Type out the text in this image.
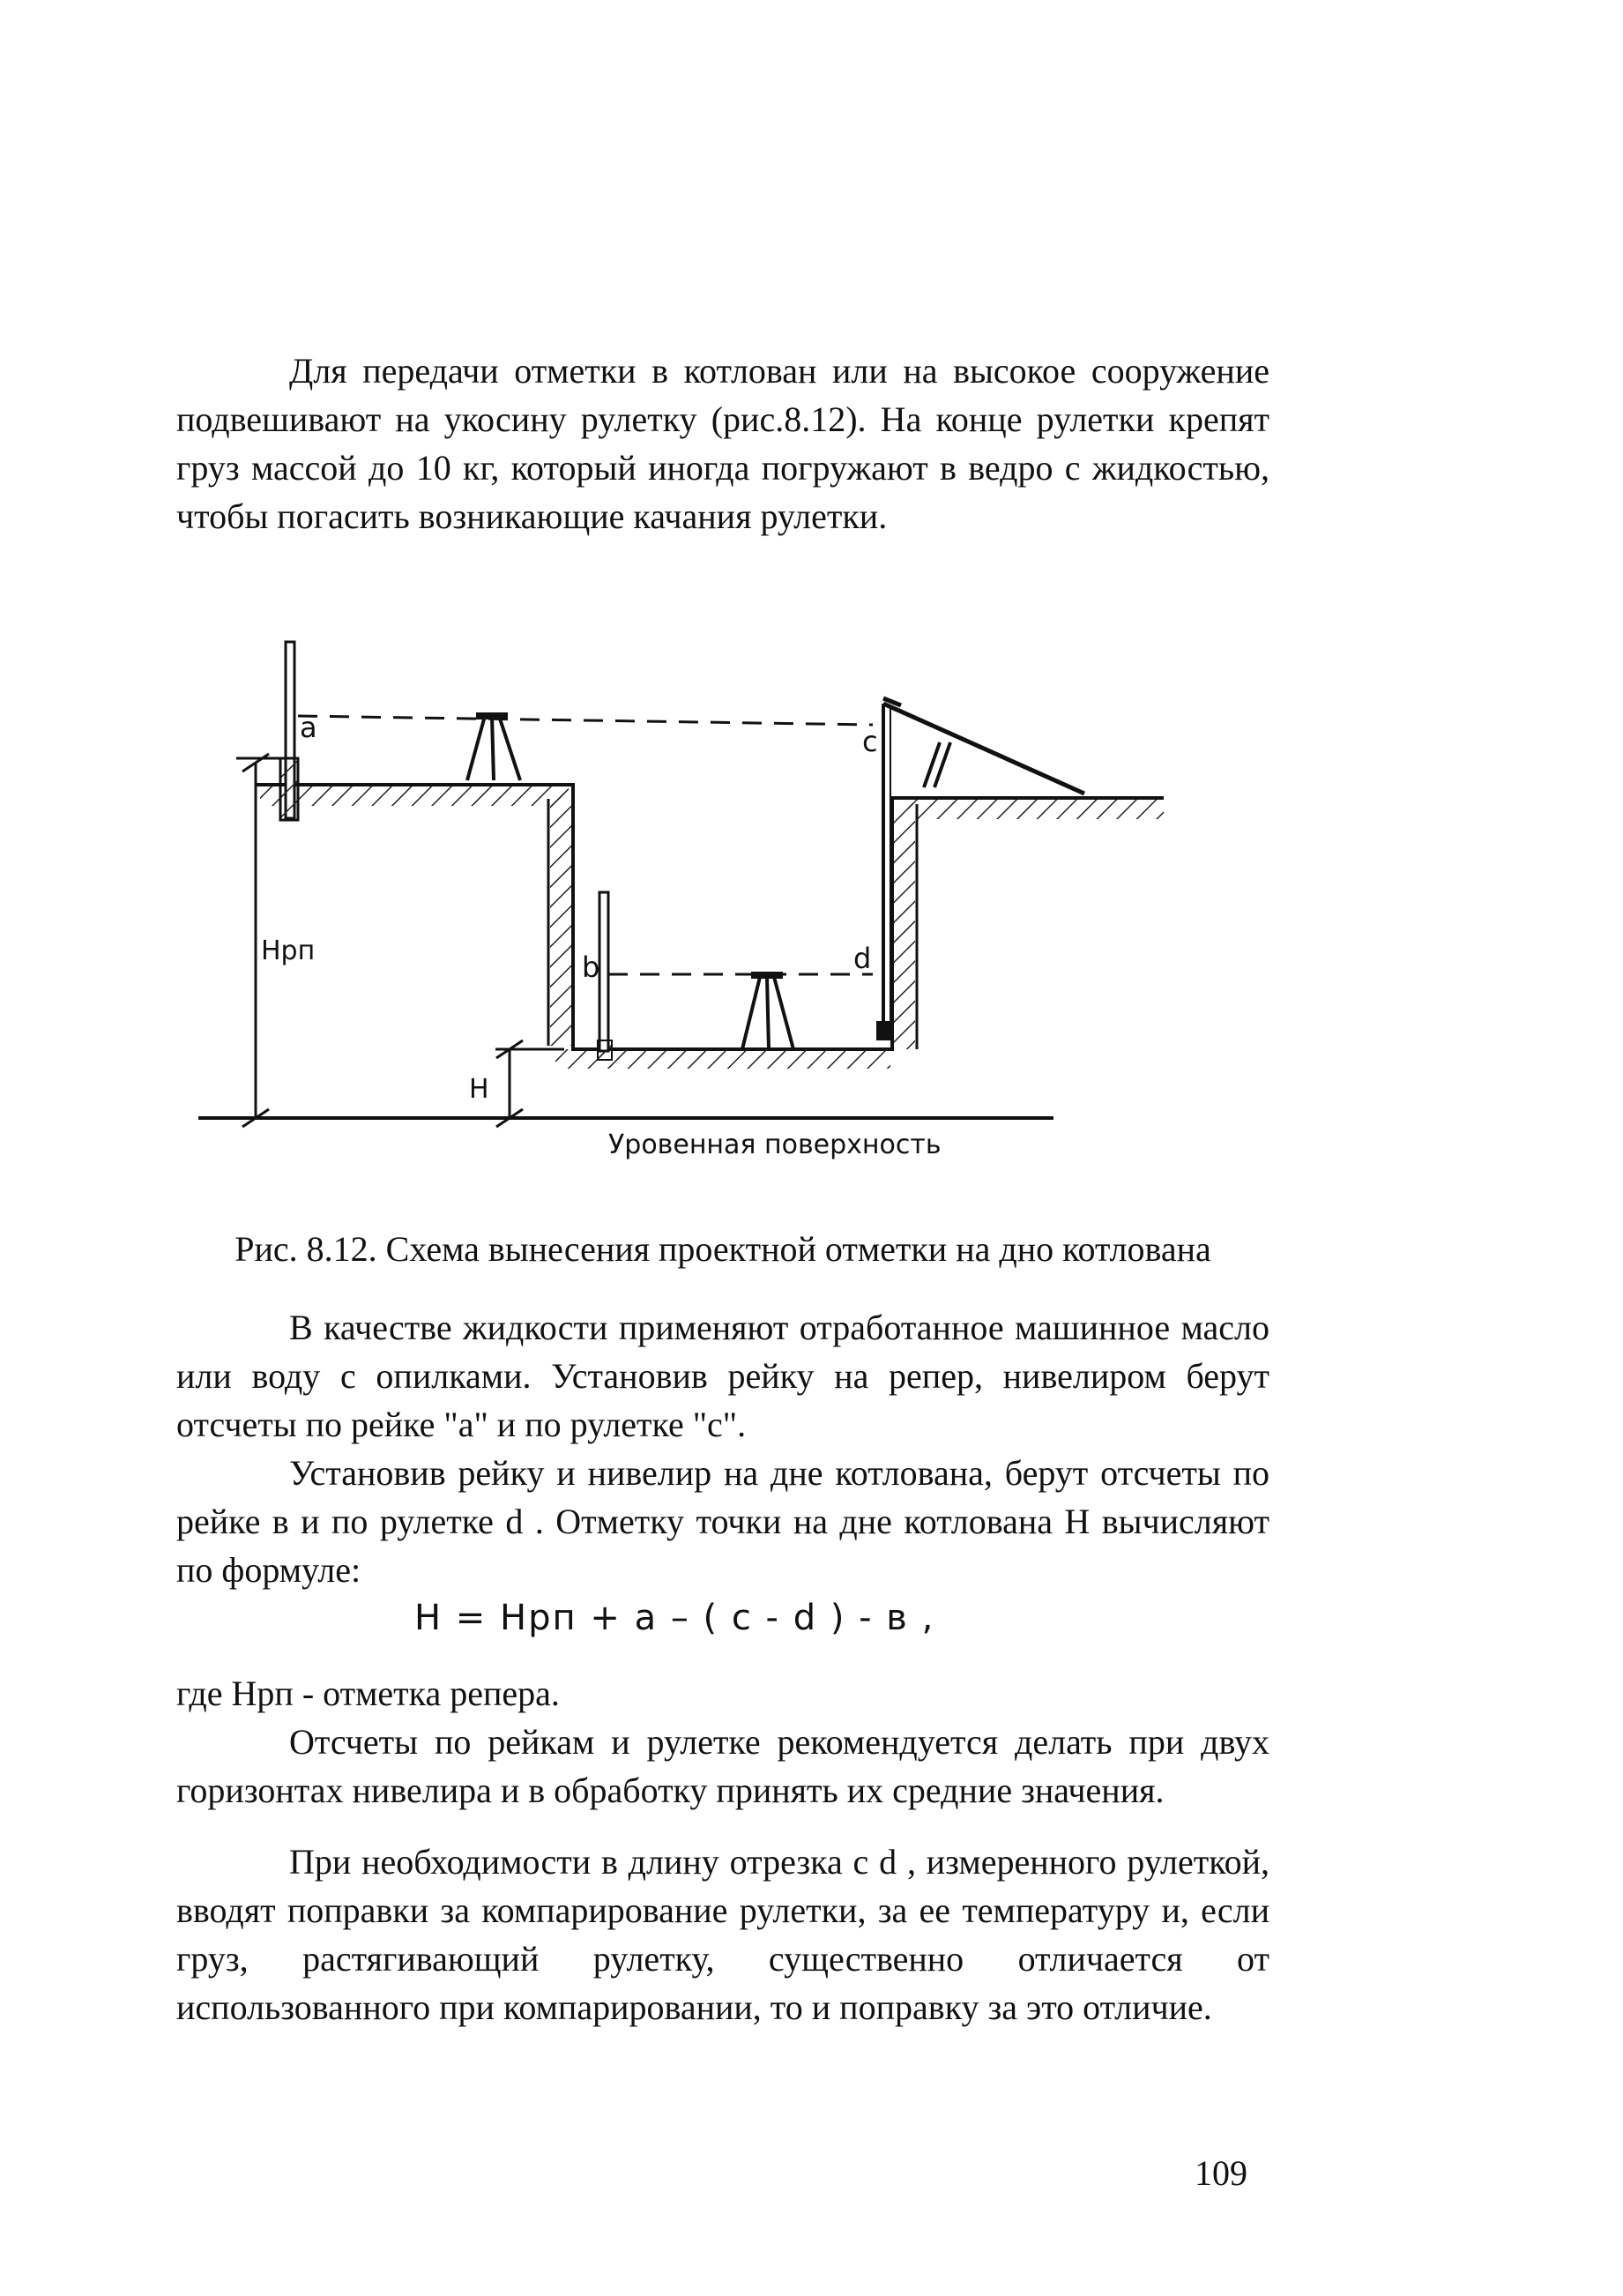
Для передачи отметки в котлован или на высокое сооружение подвешивают на укосину рулетку (рис.8.12). На конце рулетки крепят груз массой до 10 кг, который иногда погружают в ведро с жидкостью, чтобы погасить возникающие качания рулетки.

a	c
b	d
Hрп
H
Уровенная поверхность
Рис. 8.12. Схема вынесения проектной отметки на дно котлована

В качестве жидкости применяют отработанное машинное масло или воду с опилками. Установив рейку на репер, нивелиром берут отсчеты по рейке "а" и по рулетке "с".

Установив рейку и нивелир на дне котлована, берут отсчеты по рейке в и по рулетке d . Отметку точки на дне котлована Н вычисляют по формуле:

H = Hрп + a – ( c - d ) - в ,

где Нрп - отметка репера.

Отсчеты по рейкам и рулетке рекомендуется делать при двух горизонтах нивелира и в обработку принять их средние значения.

При необходимости в длину отрезка с d , измеренного рулеткой, вводят поправки за компарирование рулетки, за ее температуру и, если груз, растягивающий рулетку, существенно отличается от использованного при компарировании, то и поправку за это отличие.

109
